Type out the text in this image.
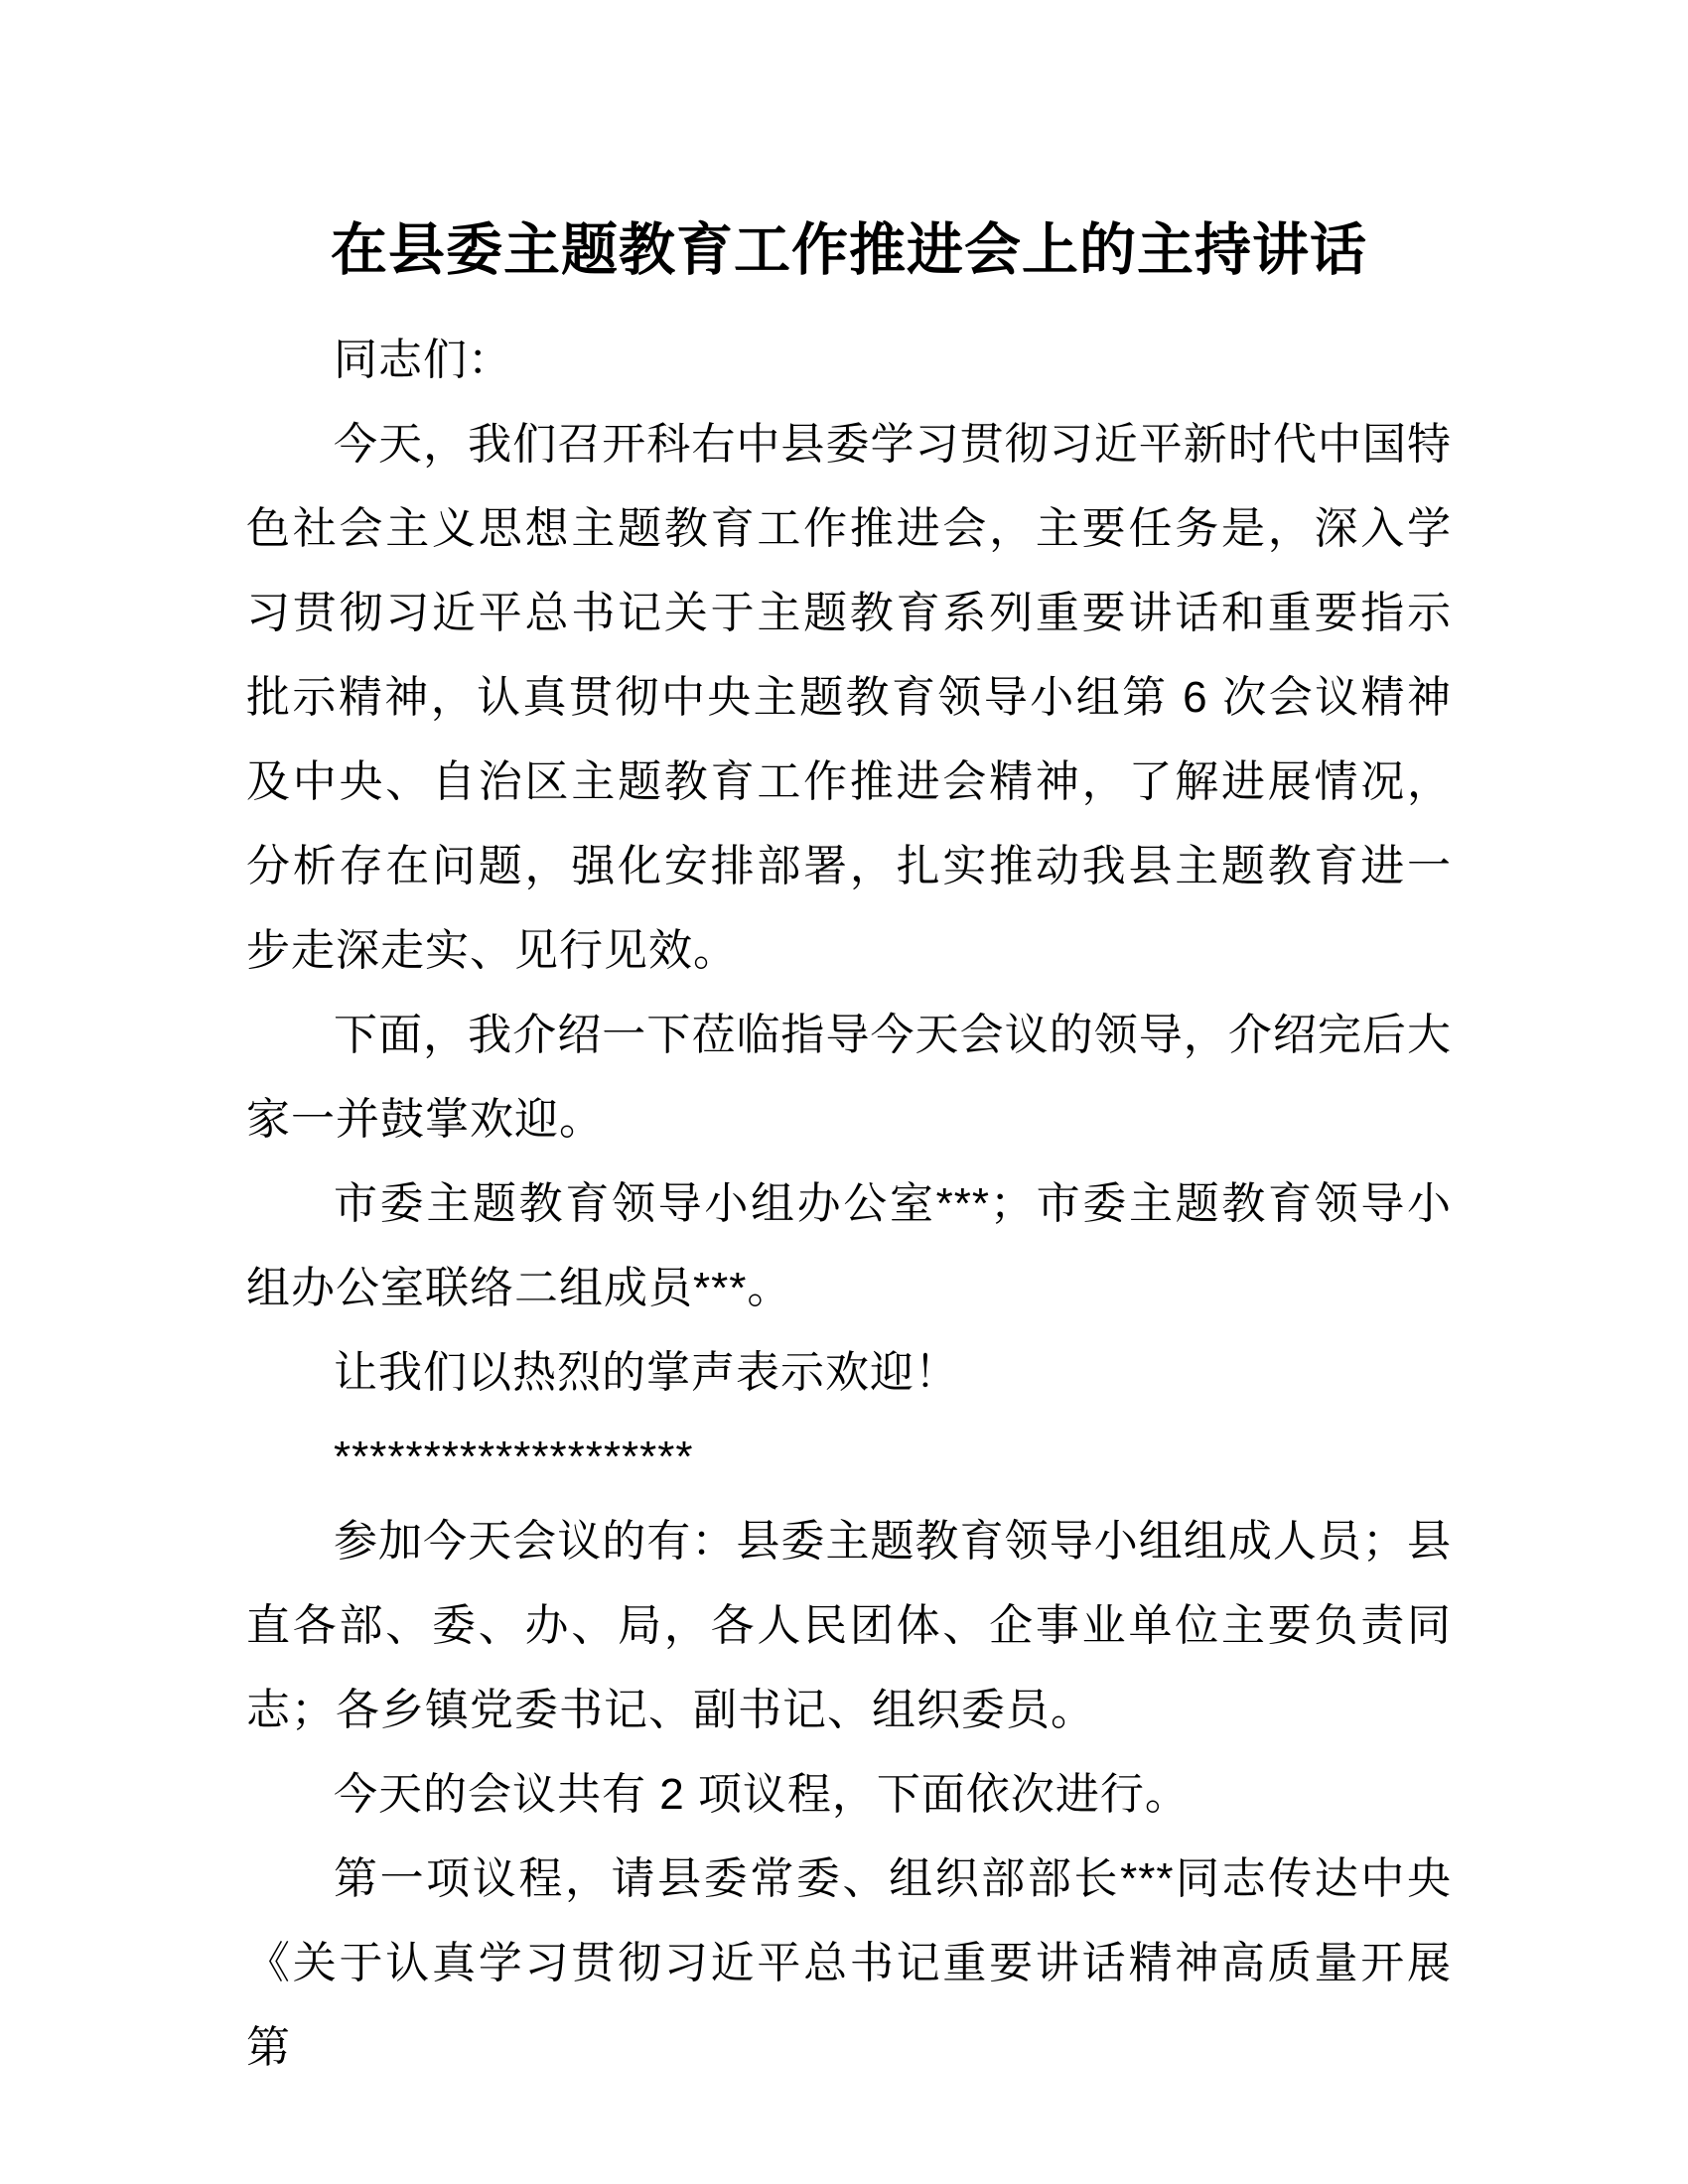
在县委主题教育工作推进会上的主持讲话

同志们：

今天，我们召开科右中县委学习贯彻习近平新时代中国特色社会主义思想主题教育工作推进会，主要任务是，深入学习贯彻习近平总书记关于主题教育系列重要讲话和重要指示批示精神，认真贯彻中央主题教育领导小组第 6 次会议精神及中央、自治区主题教育工作推进会精神，了解进展情况，分析存在问题，强化安排部署，扎实推动我县主题教育进一步走深走实、见行见效。

下面，我介绍一下莅临指导今天会议的领导，介绍完后大家一并鼓掌欢迎。

市委主题教育领导小组办公室***；市委主题教育领导小组办公室联络二组成员***。

让我们以热烈的掌声表示欢迎！

********************

参加今天会议的有：县委主题教育领导小组组成人员；县直各部、委、办、局，各人民团体、企事业单位主要负责同志；各乡镇党委书记、副书记、组织委员。

今天的会议共有 2 项议程，下面依次进行。

第一项议程，请县委常委、组织部部长***同志传达中央《关于认真学习贯彻习近平总书记重要讲话精神高质量开展第
